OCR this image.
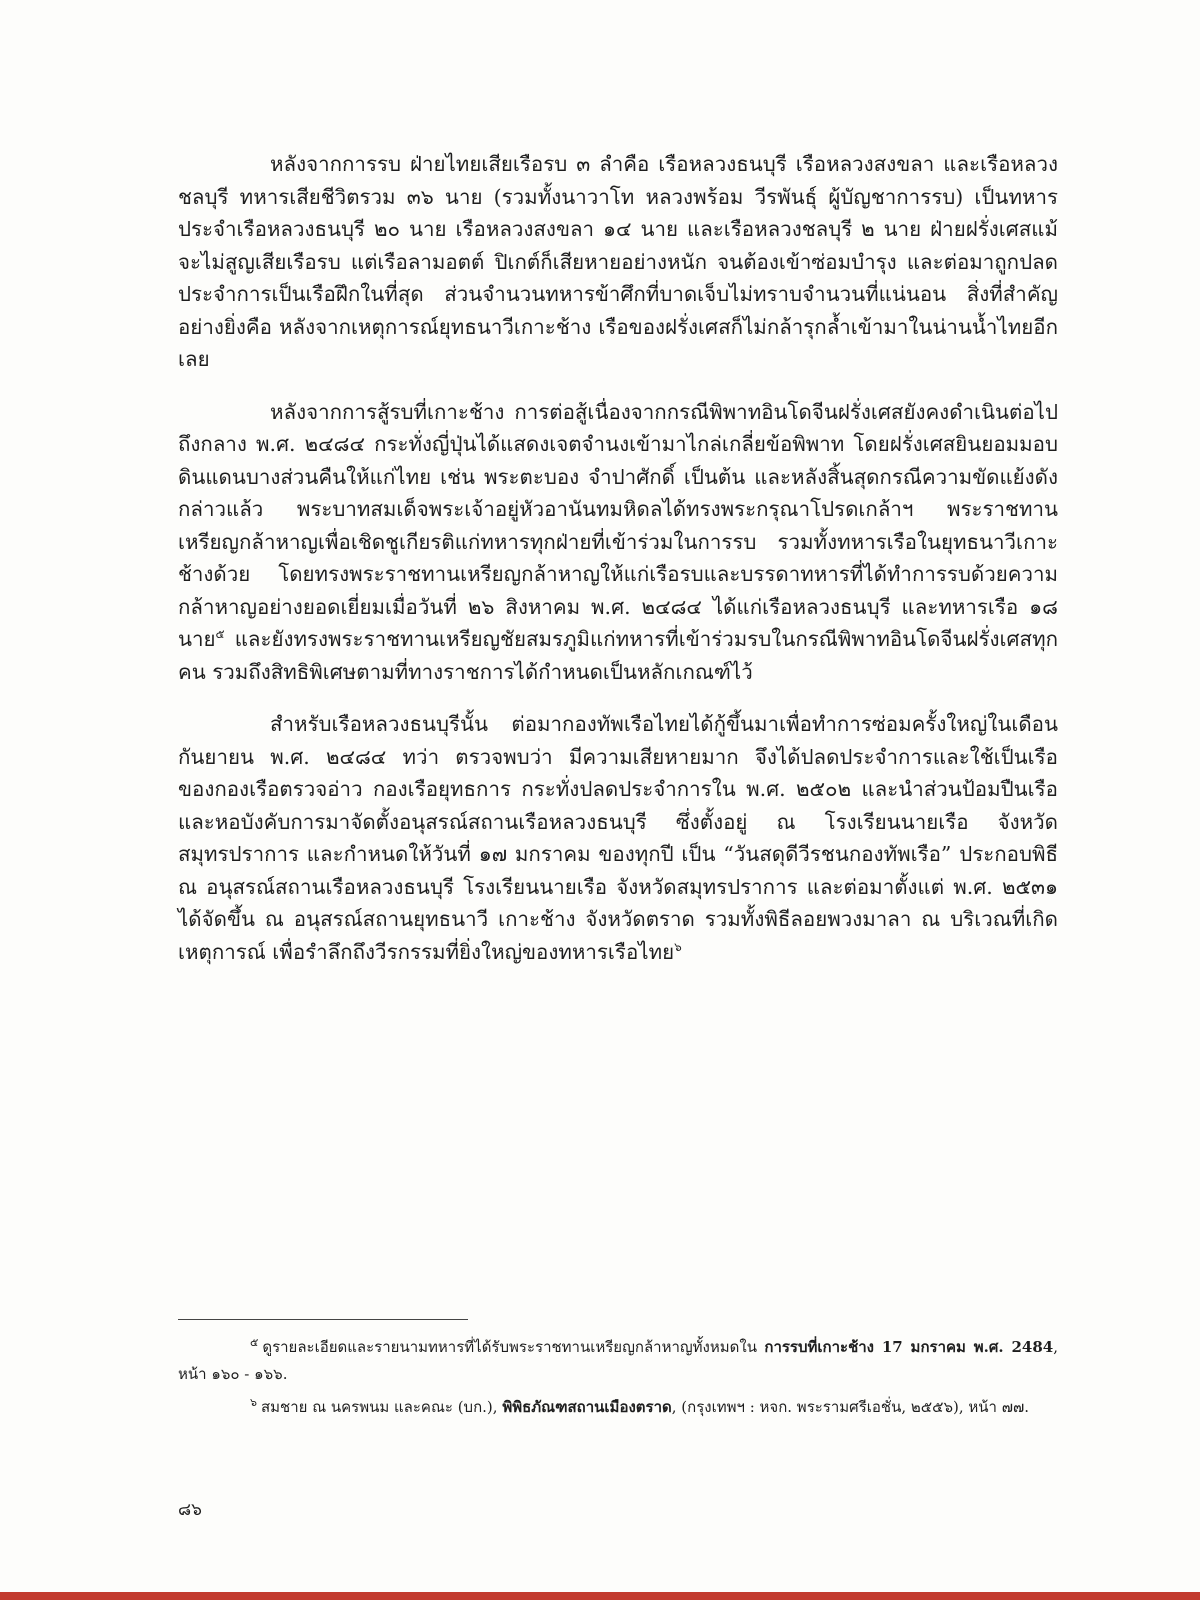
หลังจากการรบ ฝ่ายไทยเสียเรือรบ ๓ ลำคือ เรือหลวงธนบุรี เรือหลวงสงขลา และเรือหลวงชลบุรี ทหารเสียชีวิตรวม ๓๖ นาย (รวมทั้งนาวาโท หลวงพร้อม วีรพันธุ์ ผู้บัญชาการรบ) เป็นทหารประจำเรือหลวงธนบุรี ๒๐ นาย เรือหลวงสงขลา ๑๔ นาย และเรือหลวงชลบุรี ๒ นาย ฝ่ายฝรั่งเศสแม้จะไม่สูญเสียเรือรบ แต่เรือลามอตต์ ปิเกต์ก็เสียหายอย่างหนัก จนต้องเข้าซ่อมบำรุง และต่อมาถูกปลดประจำการเป็นเรือฝึกในที่สุด ส่วนจำนวนทหารข้าศึกที่บาดเจ็บไม่ทราบจำนวนที่แน่นอน สิ่งที่สำคัญอย่างยิ่งคือ หลังจากเหตุการณ์ยุทธนาวีเกาะช้าง เรือของฝรั่งเศสก็ไม่กล้ารุกล้ำเข้ามาในน่านน้ำไทยอีกเลย

หลังจากการสู้รบที่เกาะช้าง การต่อสู้เนื่องจากกรณีพิพาทอินโดจีนฝรั่งเศสยังคงดำเนินต่อไปถึงกลาง พ.ศ. ๒๔๘๔ กระทั่งญี่ปุ่นได้แสดงเจตจำนงเข้ามาไกล่เกลี่ยข้อพิพาท โดยฝรั่งเศสยินยอมมอบดินแดนบางส่วนคืนให้แก่ไทย เช่น พระตะบอง จำปาศักดิ์ เป็นต้น และหลังสิ้นสุดกรณีความขัดแย้งดังกล่าวแล้ว พระบาทสมเด็จพระเจ้าอยู่หัวอานันทมหิดลได้ทรงพระกรุณาโปรดเกล้าฯ พระราชทานเหรียญกล้าหาญเพื่อเชิดชูเกียรติแก่ทหารทุกฝ่ายที่เข้าร่วมในการรบ รวมทั้งทหารเรือในยุทธนาวีเกาะช้างด้วย โดยทรงพระราชทานเหรียญกล้าหาญให้แก่เรือรบและบรรดาทหารที่ได้ทำการรบด้วยความกล้าหาญอย่างยอดเยี่ยมเมื่อวันที่ ๒๖ สิงหาคม พ.ศ. ๒๔๘๔ ได้แก่เรือหลวงธนบุรี และทหารเรือ ๑๘ นาย$^๕$ และยังทรงพระราชทานเหรียญชัยสมรภูมิแก่ทหารที่เข้าร่วมรบในกรณีพิพาทอินโดจีนฝรั่งเศสทุกคน รวมถึงสิทธิพิเศษตามที่ทางราชการได้กำหนดเป็นหลักเกณฑ์ไว้

สำหรับเรือหลวงธนบุรีนั้น ต่อมากองทัพเรือไทยได้กู้ขึ้นมาเพื่อทำการซ่อมครั้งใหญ่ในเดือนกันยายน พ.ศ. ๒๔๘๔ ทว่า ตรวจพบว่า มีความเสียหายมาก จึงได้ปลดประจำการและใช้เป็นเรือของกองเรือตรวจอ่าว กองเรือยุทธการ กระทั่งปลดประจำการใน พ.ศ. ๒๕๐๒ และนำส่วนป้อมปืนเรือ และหอบังคับการมาจัดตั้งอนุสรณ์สถานเรือหลวงธนบุรี ซึ่งตั้งอยู่ ณ โรงเรียนนายเรือ จังหวัดสมุทรปราการ และกำหนดให้วันที่ ๑๗ มกราคม ของทุกปี เป็น “วันสดุดีวีรชนกองทัพเรือ” ประกอบพิธี ณ อนุสรณ์สถานเรือหลวงธนบุรี โรงเรียนนายเรือ จังหวัดสมุทรปราการ และต่อมาตั้งแต่ พ.ศ. ๒๕๓๑ ได้จัดขึ้น ณ อนุสรณ์สถานยุทธนาวี เกาะช้าง จังหวัดตราด รวมทั้งพิธีลอยพวงมาลา ณ บริเวณที่เกิดเหตุการณ์ เพื่อรำลึกถึงวีรกรรมที่ยิ่งใหญ่ของทหารเรือไทย$^๖$

$^๕$ ดูรายละเอียดและรายนามทหารที่ได้รับพระราชทานเหรียญกล้าหาญทั้งหมดใน การรบที่เกาะช้าง 17 มกราคม พ.ศ. 2484, หน้า ๑๖๐ - ๑๖๖.

$^๖$ สมชาย ณ นครพนม และคณะ (บก.), พิพิธภัณฑสถานเมืองตราด, (กรุงเทพฯ : หจก. พระรามศรีเอชั่น, ๒๕๕๖), หน้า ๗๗.

๘๖
